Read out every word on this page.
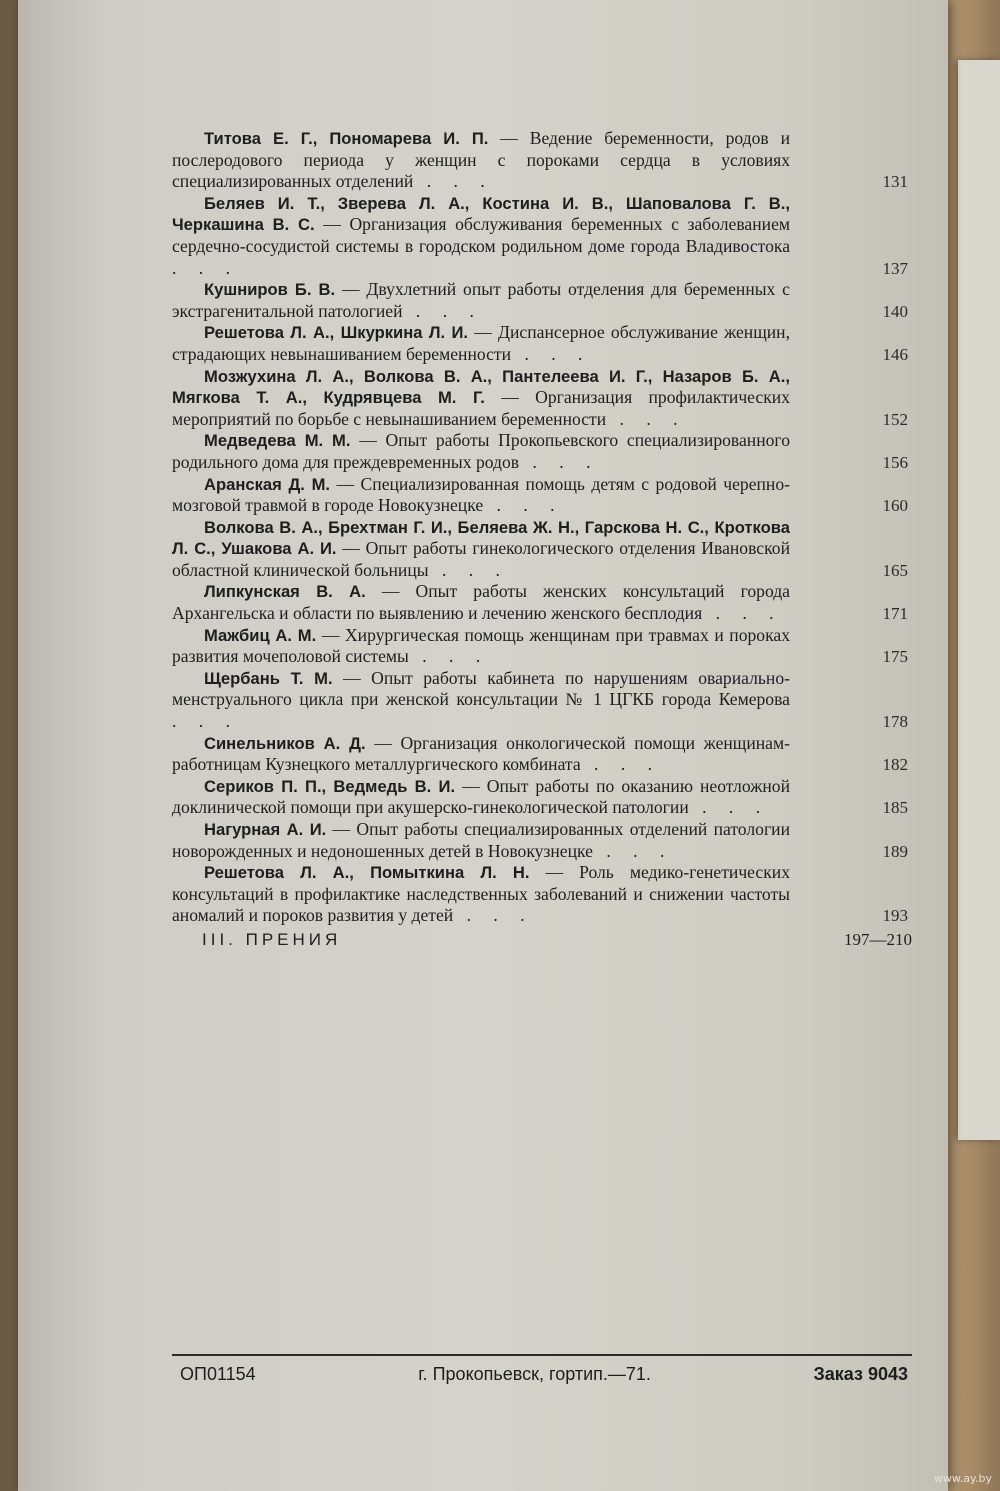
Титова Е. Г., Пономарева И. П. — Ведение беременности, родов и послеродового периода у женщин с пороками сердца в условиях специализированных отделений . . .	131
Беляев И. Т., Зверева Л. А., Костина И. В., Шаповалова Г. В., Черкашина В. С. — Организация обслуживания беременных с заболеванием сердечно-сосудистой системы в городском родильном доме города Владивостока . . .	137
Кушниров Б. В. — Двухлетний опыт работы отделения для беременных с экстрагенитальной патологией . . .	140
Решетова Л. А., Шкуркина Л. И. — Диспансерное обслуживание женщин, страдающих невынашиванием беременности . . .	146
Мозжухина Л. А., Волкова В. А., Пантелеева И. Г., Назаров Б. А., Мягкова Т. А., Кудрявцева М. Г. — Организация профилактических мероприятий по борьбе с невынашиванием беременности . . .	152
Медведева М. М. — Опыт работы Прокопьевского специализированного родильного дома для преждевременных родов . . .	156
Аранская Д. М. — Специализированная помощь детям с родовой черепно-мозговой травмой в городе Новокузнецке . . .	160
Волкова В. А., Брехтман Г. И., Беляева Ж. Н., Гарскова Н. С., Кроткова Л. С., Ушакова А. И. — Опыт работы гинекологического отделения Ивановской областной клинической больницы . . .	165
Липкунская В. А. — Опыт работы женских консультаций города Архангельска и области по выявлению и лечению женского бесплодия . . .	171
Мажбиц А. М. — Хирургическая помощь женщинам при травмах и пороках развития мочеполовой системы . . .	175
Щербань Т. М. — Опыт работы кабинета по нарушениям овариально-менструального цикла при женской консультации № 1 ЦГКБ города Кемерова . . .	178
Синельников А. Д. — Организация онкологической помощи женщинам-работницам Кузнецкого металлургического комбината . . .	182
Сериков П. П., Ведмедь В. И. — Опыт работы по оказанию неотложной доклинической помощи при акушерско-гинекологической патологии . . .	185
Нагурная А. И. — Опыт работы специализированных отделений патологии новорожденных и недоношенных детей в Новокузнецке . . .	189
Решетова Л. А., Помыткина Л. Н. — Роль медико-генетических консультаций в профилактике наследственных заболеваний и снижении частоты аномалий и пороков развития у детей . . .	193
III. ПРЕНИЯ	197—210
ОП01154	г. Прокопьевск, гортип.—71.	Заказ 9043
www.ay.by
